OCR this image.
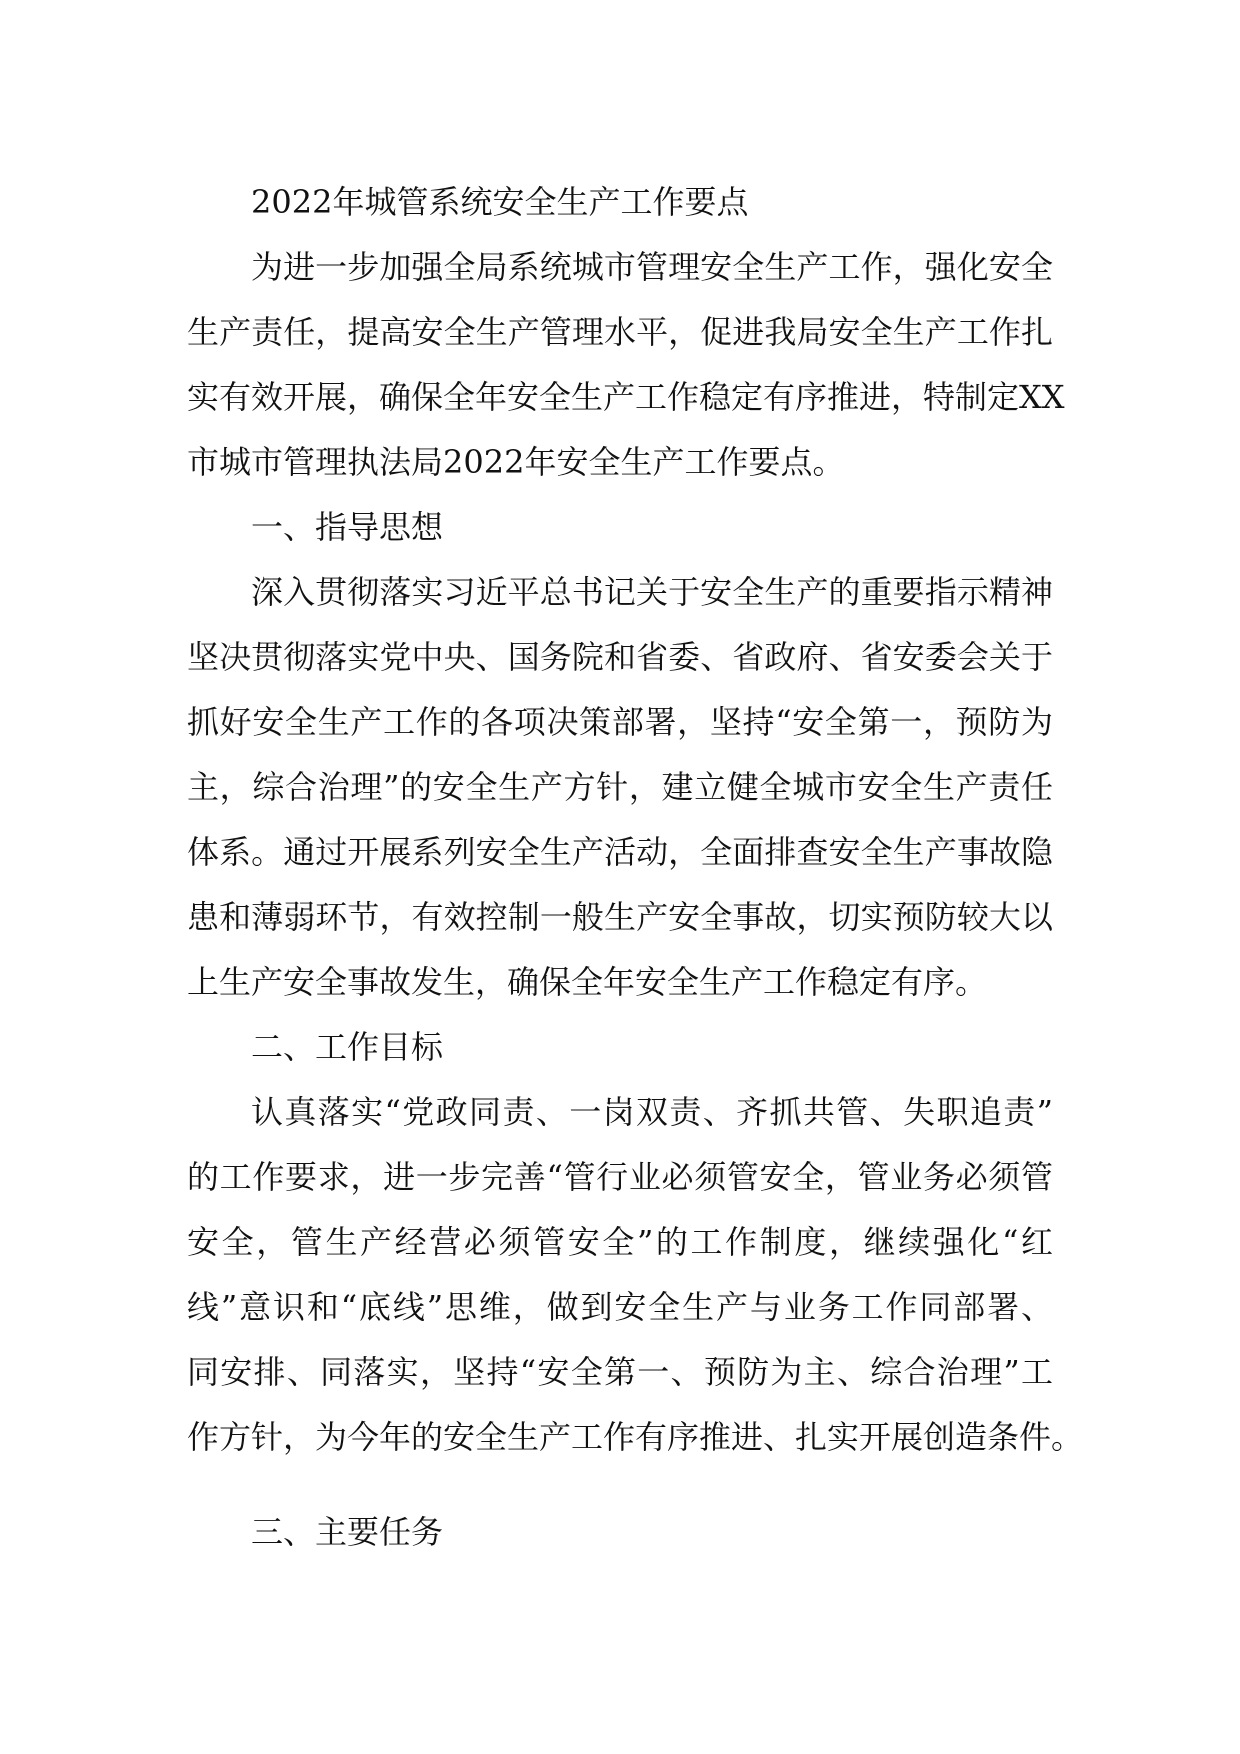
2022年城管系统安全生产工作要点
为进一步加强全局系统城市管理安全生产工作，强化安全
生产责任，提高安全生产管理水平，促进我局安全生产工作扎
实有效开展，确保全年安全生产工作稳定有序推进，特制定XX
市城市管理执法局2022年安全生产工作要点。
一、指导思想
深入贯彻落实习近平总书记关于安全生产的重要指示精神
坚决贯彻落实党中央、国务院和省委、省政府、省安委会关于
抓好安全生产工作的各项决策部署，坚持“安全第一，预防为
主，综合治理”的安全生产方针，建立健全城市安全生产责任
体系。通过开展系列安全生产活动，全面排查安全生产事故隐
患和薄弱环节，有效控制一般生产安全事故，切实预防较大以
上生产安全事故发生，确保全年安全生产工作稳定有序。
二、工作目标
认真落实“党政同责、一岗双责、齐抓共管、失职追责”
的工作要求，进一步完善“管行业必须管安全，管业务必须管
安全，管生产经营必须管安全”的工作制度，继续强化“红
线”意识和“底线”思维，做到安全生产与业务工作同部署、
同安排、同落实，坚持“安全第一、预防为主、综合治理”工
作方针，为今年的安全生产工作有序推进、扎实开展创造条件。
三、主要任务
